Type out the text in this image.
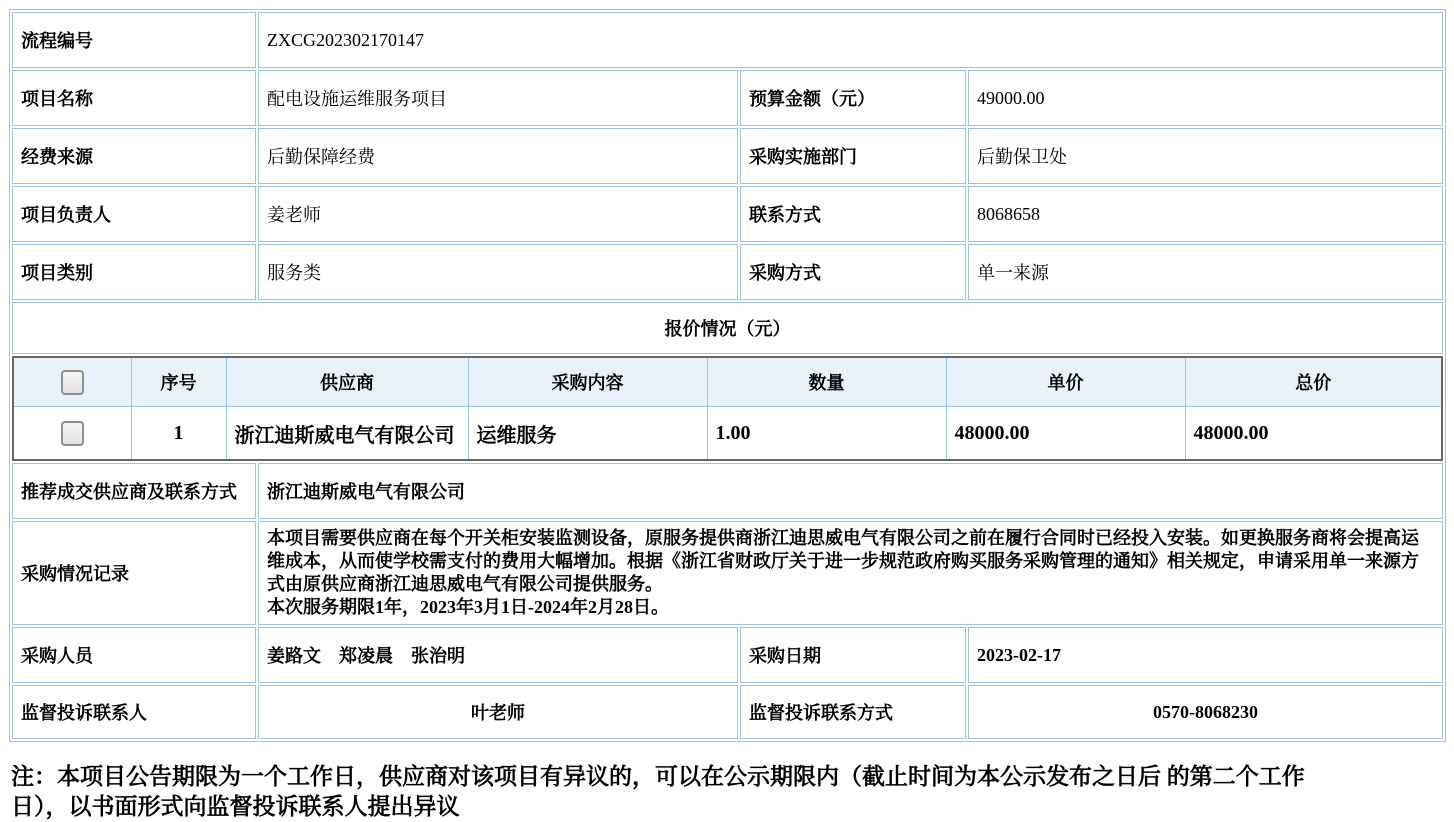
流程编号	ZXCG202302170147
项目名称	配电设施运维服务项目	预算金额（元）	49000.00
经费来源	后勤保障经费	采购实施部门	后勤保卫处
项目负责人	姜老师	联系方式	8068658
项目类别	服务类	采购方式	单一来源
报价情况（元）

	序号	供应商	采购内容	数量	单价	总价

	1	浙江迪斯威电气有限公司	运维服务	1.00	48000.00	48000.00

推荐成交供应商及联系方式	浙江迪斯威电气有限公司
采购情况记录	

本项目需要供应商在每个开关柜安装监测设备，原服务提供商浙江迪思威电气有限公司之前在履行合同时已经投入安装。如更换服务商将会提高运维成本，从而使学校需支付的费用大幅增加。根据《浙江省财政厅关于进一步规范政府购买服务采购管理的通知》相关规定，申请采用单一来源方式由原供应商浙江迪思威电气有限公司提供服务。

本次服务期限1年，2023年3月1日-2024年2月28日。

采购人员	姜路文　郑凌晨　张治明	采购日期	2023-02-17
监督投诉联系人	叶老师	监督投诉联系方式	0570-8068230
注：本项目公告期限为一个工作日，供应商对该项目有异议的，可以在公示期限内（截止时间为本公示发布之日后 的第二个工作
日），以书面形式向监督投诉联系人提出异议
